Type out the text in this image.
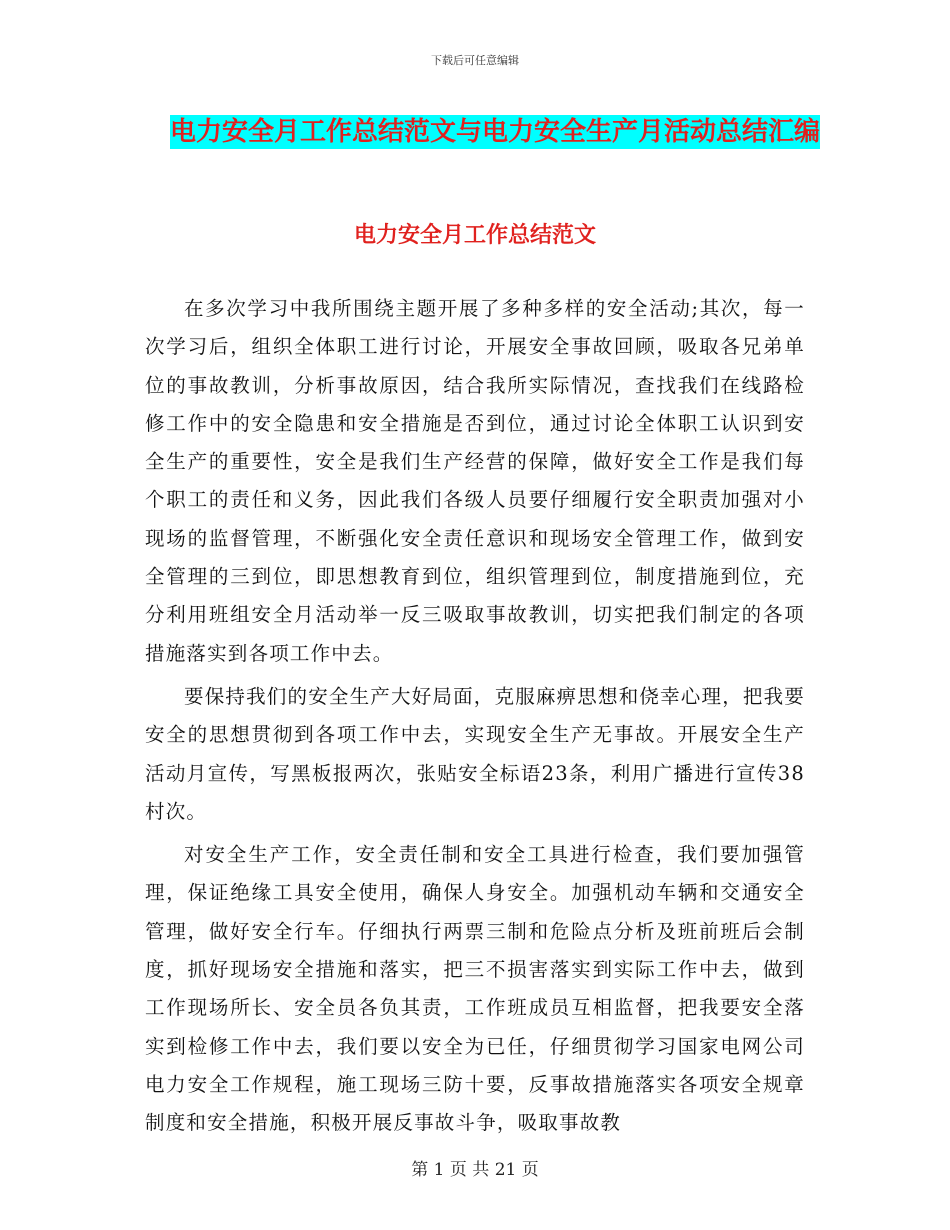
下载后可任意编辑
电力安全月工作总结范文与电力安全生产月活动总结汇编
电力安全月工作总结范文

在多次学习中我所围绕主题开展了多种多样的安全活动;其次，每一次学习后，组织全体职工进行讨论，开展安全事故回顾，吸取各兄弟单位的事故教训，分析事故原因，结合我所实际情况，查找我们在线路检修工作中的安全隐患和安全措施是否到位，通过讨论全体职工认识到安全生产的重要性，安全是我们生产经营的保障，做好安全工作是我们每个职工的责任和义务，因此我们各级人员要仔细履行安全职责加强对小现场的监督管理，不断强化安全责任意识和现场安全管理工作，做到安全管理的三到位，即思想教育到位，组织管理到位，制度措施到位，充分利用班组安全月活动举一反三吸取事故教训，切实把我们制定的各项措施落实到各项工作中去。

要保持我们的安全生产大好局面，克服麻痹思想和侥幸心理，把我要安全的思想贯彻到各项工作中去，实现安全生产无事故。开展安全生产活动月宣传，写黑板报两次，张贴安全标语23条，利用广播进行宣传38村次。

对安全生产工作，安全责任制和安全工具进行检查，我们要加强管理，保证绝缘工具安全使用，确保人身安全。加强机动车辆和交通安全管理，做好安全行车。仔细执行两票三制和危险点分析及班前班后会制度，抓好现场安全措施和落实，把三不损害落实到实际工作中去，做到工作现场所长、安全员各负其责，工作班成员互相监督，把我要安全落实到检修工作中去，我们要以安全为已任，仔细贯彻学习国家电网公司电力安全工作规程，施工现场三防十要，反事故措施落实各项安全规章制度和安全措施，积极开展反事故斗争，吸取事故教

第 1 页 共 21 页
